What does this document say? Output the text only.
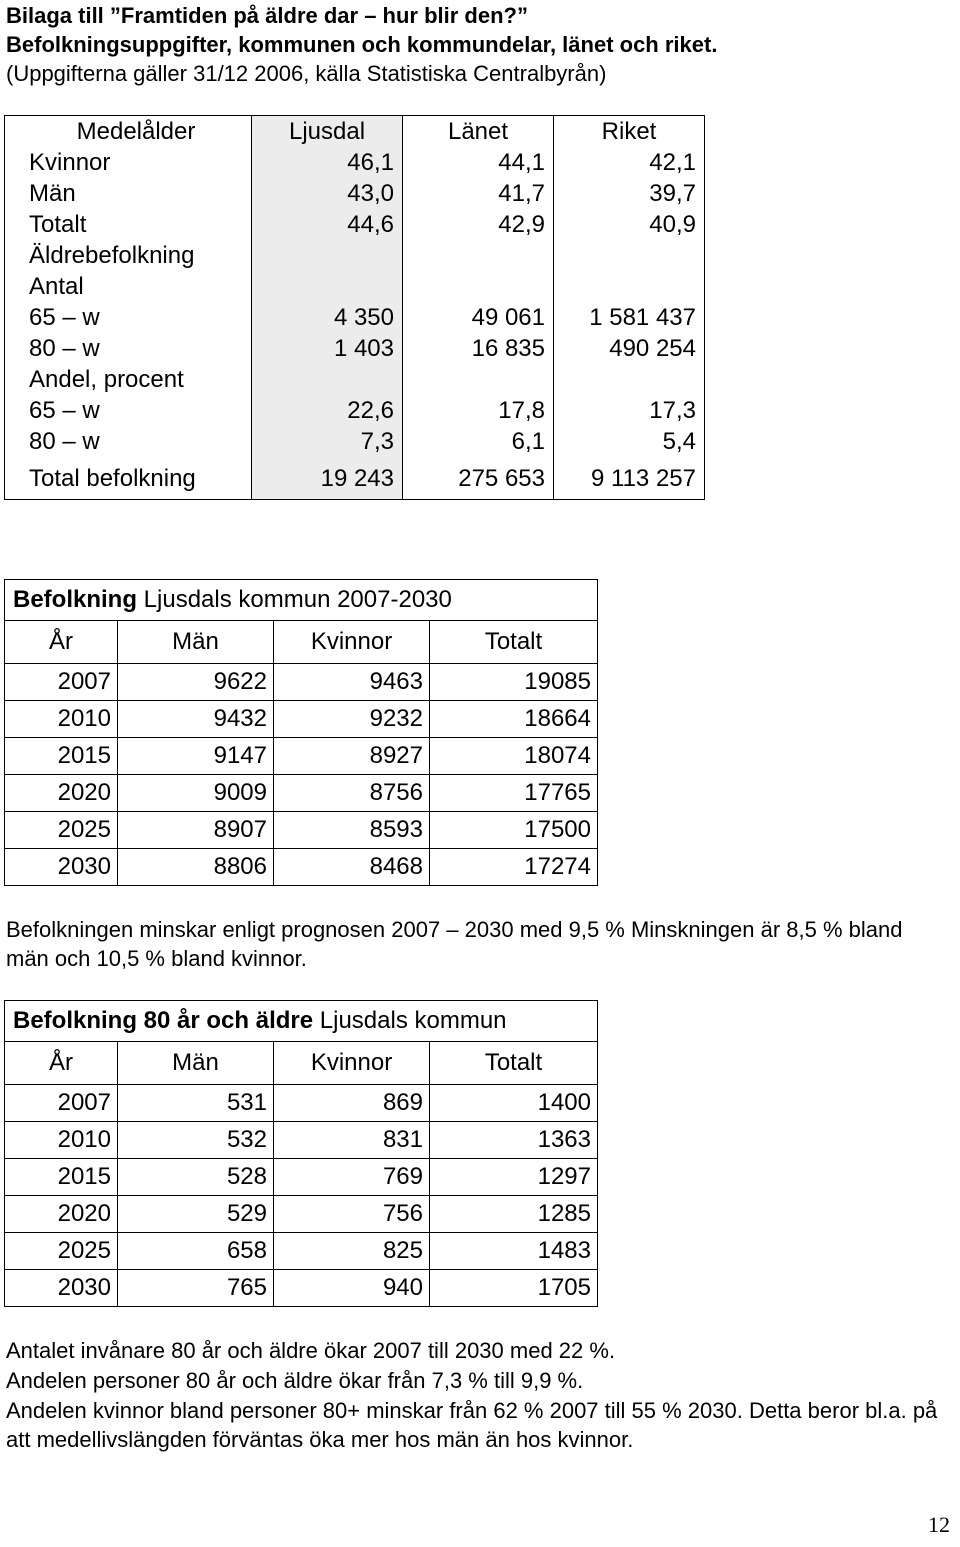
Bilaga till ”Framtiden på äldre dar – hur blir den?”
Befolkningsuppgifter, kommunen och kommundelar, länet och riket.
(Uppgifterna gäller 31/12 2006, källa Statistiska Centralbyrån)
Medelålder	Ljusdal	Länet	Riket
Kvinnor	46,1	44,1	42,1
Män	43,0	41,7	39,7
Totalt	44,6	42,9	40,9
Äldrebefolkning			
Antal			
65 – w	4 350	49 061	1 581 437
80 – w	1 403	16 835	490 254
Andel, procent			
65 – w	22,6	17,8	17,3
80 – w	7,3	6,1	5,4
Total befolkning	19 243	275 653	9 113 257
Befolkning Ljusdals kommun 2007-2030			
År	Män	Kvinnor	Totalt
2007	9622	9463	19085
2010	9432	9232	18664
2015	9147	8927	18074
2020	9009	8756	17765
2025	8907	8593	17500
2030	8806	8468	17274
Befolkningen minskar enligt prognosen 2007 – 2030 med 9,5 % Minskningen är 8,5 % bland män och 10,5 % bland kvinnor.
Befolkning 80 år och äldre Ljusdals kommun			
År	Män	Kvinnor	Totalt
2007	531	869	1400
2010	532	831	1363
2015	528	769	1297
2020	529	756	1285
2025	658	825	1483
2030	765	940	1705
Antalet invånare 80 år och äldre ökar 2007 till 2030 med 22 %.
Andelen personer 80 år och äldre ökar från 7,3 % till 9,9 %.
Andelen kvinnor bland personer 80+ minskar från 62 % 2007 till 55 % 2030. Detta beror bl.a. på att medellivslängden förväntas öka mer hos män än hos kvinnor.
12
